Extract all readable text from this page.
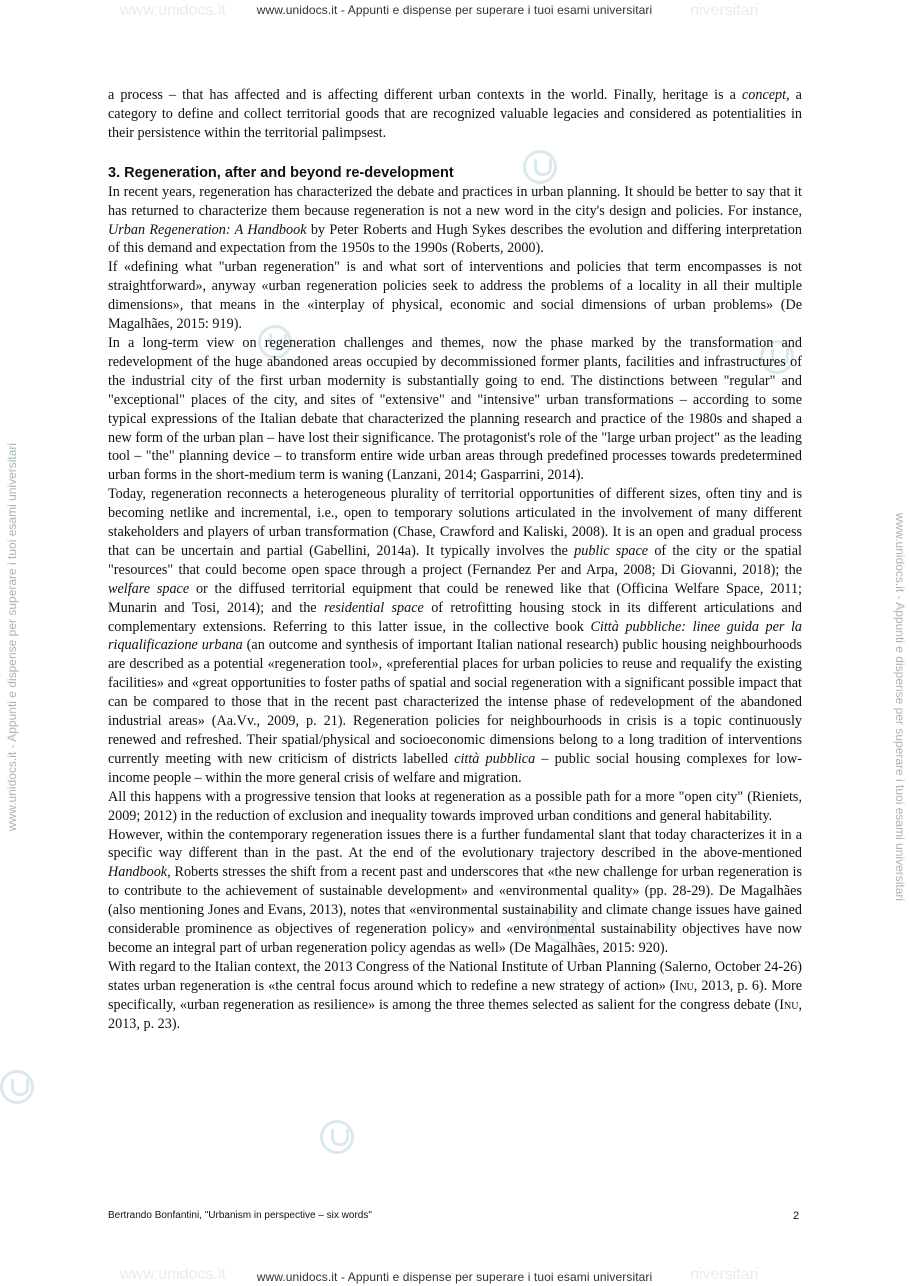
www.unidocs.it	niversitari
www.unidocs.it	niversitari
www.unidocs.it - Appunti e dispense per superare i tuoi esami universitari
www.unidocs.it - Appunti e dispense per superare i tuoi esami universitari	www.unidocs.it - Appunti e dispense per superare i tuoi esami universitari

a process – that has affected and is affecting different urban contexts in the world. Finally, heritage is a concept, a category to define and collect territorial goods that are recognized valuable legacies and considered as potentialities in their persistence within the territorial palimpsest.

3. Regeneration, after and beyond re-development

In recent years, regeneration has characterized the debate and practices in urban planning. It should be better to say that it has returned to characterize them because regeneration is not a new word in the city's design and policies. For instance, Urban Regeneration: A Handbook by Peter Roberts and Hugh Sykes describes the evolution and differing interpretation of this demand and expectation from the 1950s to the 1990s (Roberts, 2000).

If «defining what "urban regeneration" is and what sort of interventions and policies that term encompasses is not straightforward», anyway «urban regeneration policies seek to address the problems of a locality in all their multiple dimensions», that means in the «interplay of physical, economic and social dimensions of urban problems» (De Magalhães, 2015: 919).

In a long-term view on regeneration challenges and themes, now the phase marked by the transformation and redevelopment of the huge abandoned areas occupied by decommissioned former plants, facilities and infrastructures of the industrial city of the first urban modernity is substantially going to end. The distinctions between "regular" and "exceptional" places of the city, and sites of "extensive" and "intensive" urban transformations – according to some typical expressions of the Italian debate that characterized the planning research and practice of the 1980s and shaped a new form of the urban plan – have lost their significance. The protagonist's role of the "large urban project" as the leading tool – "the" planning device – to transform entire wide urban areas through predefined processes towards predetermined urban forms in the short-medium term is waning (Lanzani, 2014; Gasparrini, 2014).

Today, regeneration reconnects a heterogeneous plurality of territorial opportunities of different sizes, often tiny and is becoming netlike and incremental, i.e., open to temporary solutions articulated in the involvement of many different stakeholders and players of urban transformation (Chase, Crawford and Kaliski, 2008). It is an open and gradual process that can be uncertain and partial (Gabellini, 2014a). It typically involves the public space of the city or the spatial "resources" that could become open space through a project (Fernandez Per and Arpa, 2008; Di Giovanni, 2018); the welfare space or the diffused territorial equipment that could be renewed like that (Officina Welfare Space, 2011; Munarin and Tosi, 2014); and the residential space of retrofitting housing stock in its different articulations and complementary extensions. Referring to this latter issue, in the collective book Città pubbliche: linee guida per la riqualificazione urbana (an outcome and synthesis of important Italian national research) public housing neighbourhoods are described as a potential «regeneration tool», «preferential places for urban policies to reuse and requalify the existing facilities» and «great opportunities to foster paths of spatial and social regeneration with a significant possible impact that can be compared to those that in the recent past characterized the intense phase of redevelopment of the abandoned industrial areas» (Aa.Vv., 2009, p. 21). Regeneration policies for neighbourhoods in crisis is a topic continuously renewed and refreshed. Their spatial/physical and socioeconomic dimensions belong to a long tradition of interventions currently meeting with new criticism of districts labelled città pubblica – public social housing complexes for low-income people – within the more general crisis of welfare and migration.

All this happens with a progressive tension that looks at regeneration as a possible path for a more "open city" (Rieniets, 2009; 2012) in the reduction of exclusion and inequality towards improved urban conditions and general habitability.

However, within the contemporary regeneration issues there is a further fundamental slant that today characterizes it in a specific way different than in the past. At the end of the evolutionary trajectory described in the above-mentioned Handbook, Roberts stresses the shift from a recent past and underscores that «the new challenge for urban regeneration is to contribute to the achievement of sustainable development» and «environmental quality» (pp. 28-29). De Magalhães (also mentioning Jones and Evans, 2013), notes that «environmental sustainability and climate change issues have gained considerable prominence as objectives of regeneration policy» and «environmental sustainability objectives have now become an integral part of urban regeneration policy agendas as well» (De Magalhães, 2015: 920).

With regard to the Italian context, the 2013 Congress of the National Institute of Urban Planning (Salerno, October 24-26) states urban regeneration is «the central focus around which to redefine a new strategy of action» (Inu, 2013, p. 6). More specifically, «urban regeneration as resilience» is among the three themes selected as salient for the congress debate (Inu, 2013, p. 23).

Bertrando Bonfantini, "Urbanism in perspective – six words"	2
www.unidocs.it - Appunti e dispense per superare i tuoi esami universitari
